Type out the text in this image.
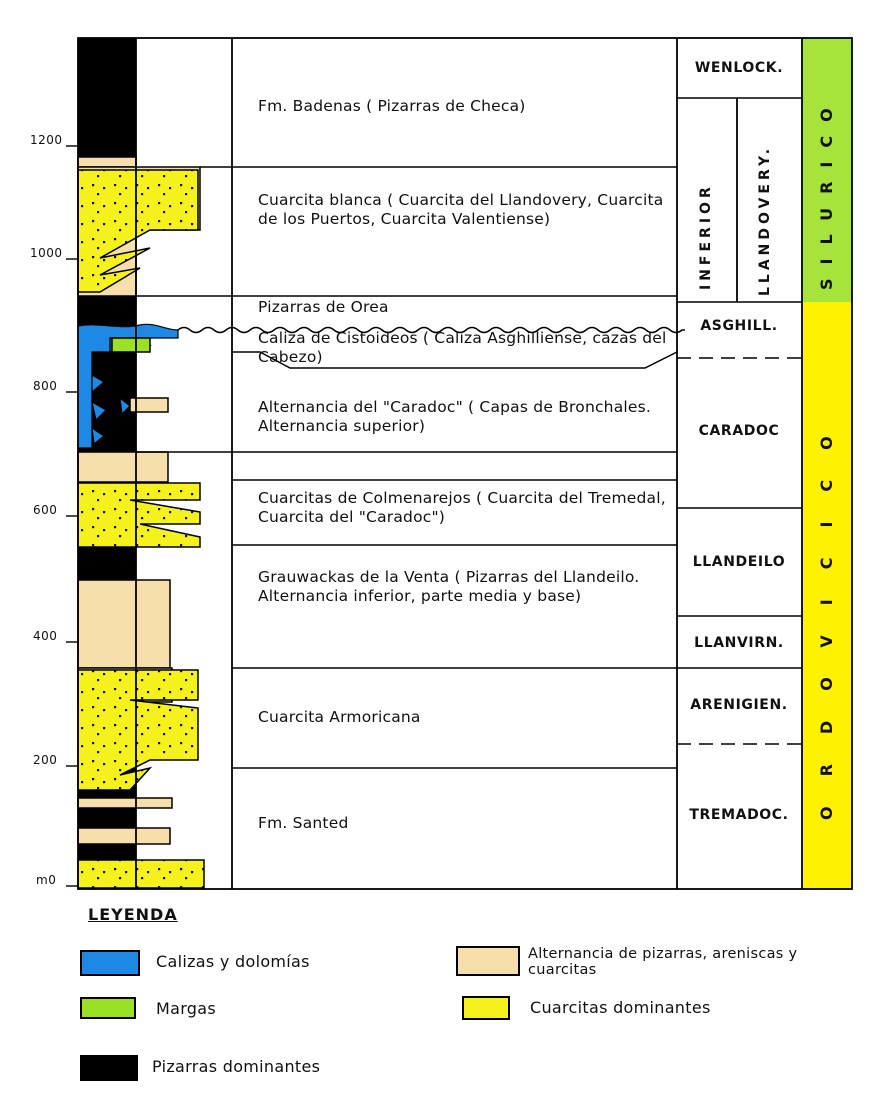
1200
1000
800
600
400
200
m0
Fm. Badenas ( Pizarras de Checa)
Cuarcita blanca ( Cuarcita del Llandovery, Cuarcita de los Puertos, Cuarcita Valentiense)
Pizarras de Orea
Caliza de Cistoideos ( Caliza Asghilliense, cazas del Cabezo)
Alternancia del "Caradoc" ( Capas de Bronchales. Alternancia superior)
Cuarcitas de Colmenarejos ( Cuarcita del Tremedal, Cuarcita del "Caradoc")
Grauwackas de la Venta ( Pizarras del Llandeilo. Alternancia inferior, parte media y base)
Cuarcita Armoricana
Fm. Santed
WENLOCK.
INFERIOR	LLANDOVERY.
ASGHILL.
CARADOC
LLANDEILO
LLANVIRN.
ARENIGIEN.
TREMADOC.
SILURICO
ORDOVICICO
LEYENDA
Calizas y dolomías
Margas
Pizarras dominantes
Alternancia de pizarras, areniscas y cuarcitas
Cuarcitas dominantes
